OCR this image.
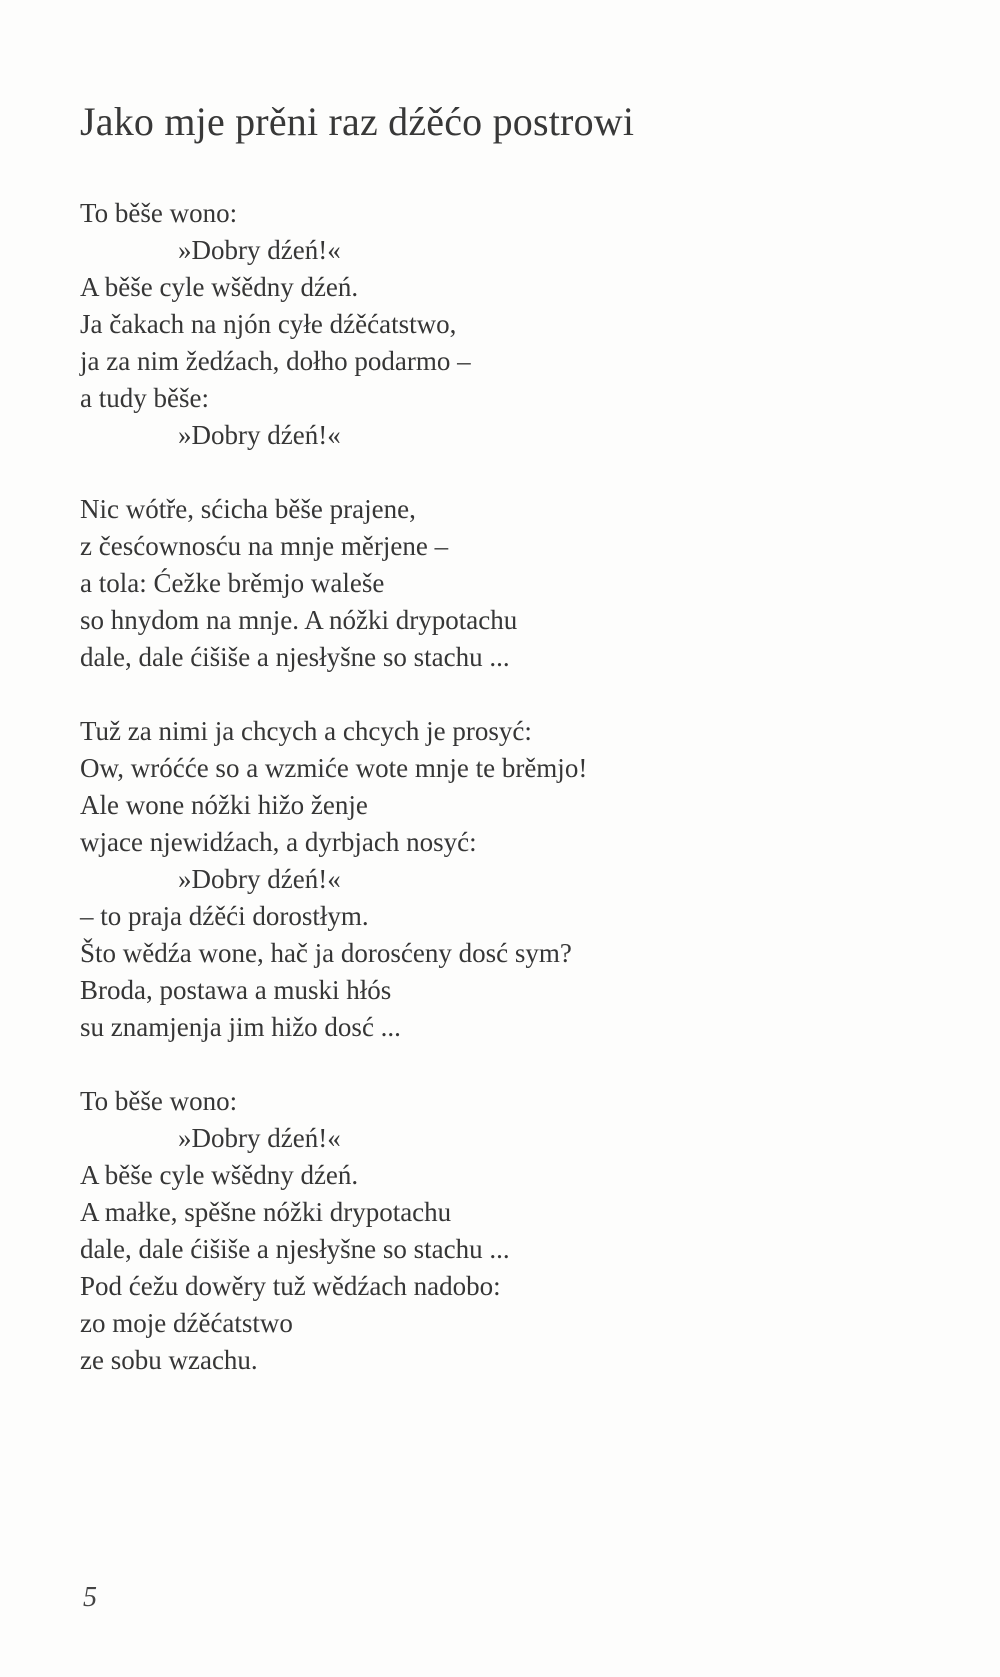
Jako mje prěni raz dźěćo postrowi
To běše wono:
»Dobry dźeń!«
A běše cyle wšědny dźeń.
Ja čakach na njón cyłe dźěćatstwo,
ja za nim žedźach, dołho podarmo –
a tudy běše:
»Dobry dźeń!«
Nic wótře, sćicha běše prajene,
z česćownosću na mnje měrjene –
a tola: Ćežke brěmjo waleše
so hnydom na mnje. A nóžki drypotachu
dale, dale ćišiše a njesłyšne so stachu ...
Tuž za nimi ja chcych a chcych je prosyć:
Ow, wróćće so a wzmiće wote mnje te brěmjo!
Ale wone nóžki hižo ženje
wjace njewidźach, a dyrbjach nosyć:
»Dobry dźeń!«
– to praja dźěći dorostłym.
Što wědźa wone, hač ja dorosćeny dosć sym?
Broda, postawa a muski hłós
su znamjenja jim hižo dosć ...
To běše wono:
»Dobry dźeń!«
A běše cyle wšědny dźeń.
A małke, spěšne nóžki drypotachu
dale, dale ćišiše a njesłyšne so stachu ...
Pod ćežu dowěry tuž wědźach nadobo:
zo moje dźěćatstwo
ze sobu wzachu.
5
